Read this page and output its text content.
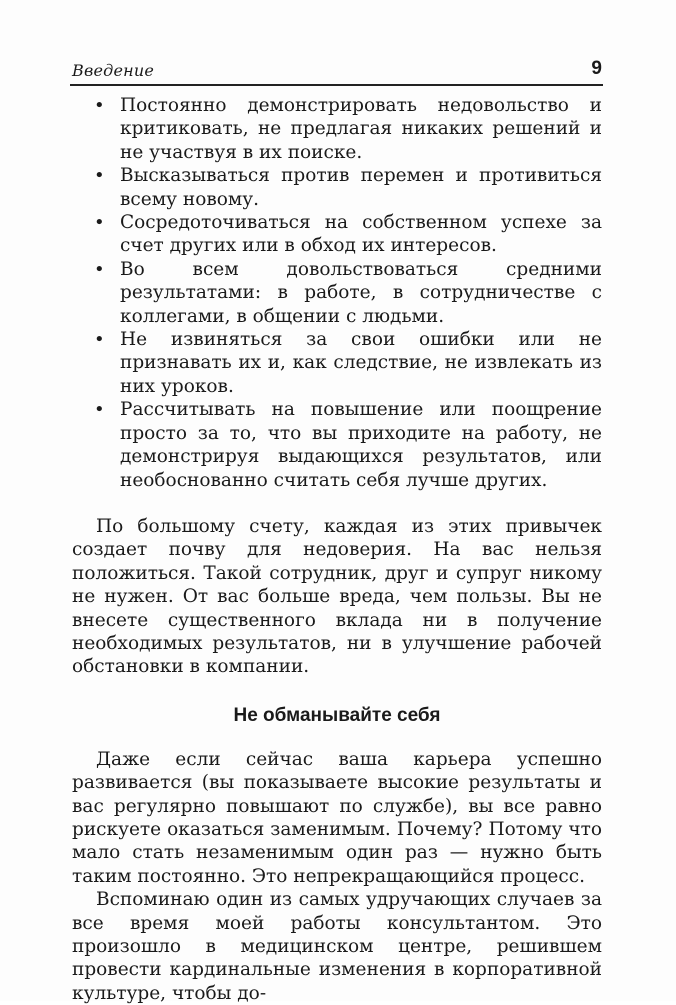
Введение	9
• Постоянно демонстрировать недовольство и критиковать, не предлагая никаких решений и не участвуя в их поиске.
• Высказываться против перемен и противиться всему новому.
• Сосредоточиваться на собственном успехе за счет других или в обход их интересов.
• Во всем довольствоваться средними результатами: в работе, в сотрудничестве с коллегами, в общении с людьми.
• Не извиняться за свои ошибки или не признавать их и, как следствие, не извлекать из них уроков.
• Рассчитывать на повышение или поощрение просто за то, что вы приходите на работу, не демонстрируя выдающихся результатов, или необоснованно считать себя лучше других.

По большому счету, каждая из этих привычек создает почву для недоверия. На вас нельзя положиться. Такой сотрудник, друг и супруг никому не нужен. От вас больше вреда, чем пользы. Вы не внесете существенного вклада ни в получение необходимых результатов, ни в улучшение рабочей обстановки в компании.

Не обманывайте себя

Даже если сейчас ваша карьера успешно развивается (вы показываете высокие результаты и вас регулярно повышают по службе), вы все равно рискуете оказаться заменимым. Почему? Потому что мало стать незаменимым один раз — нужно быть таким постоянно. Это непрекращающийся процесс.

Вспоминаю один из самых удручающих случаев за все время моей работы консультантом. Это произошло в медицинском центре, решившем провести кардинальные изменения в корпоративной культуре, чтобы до-
